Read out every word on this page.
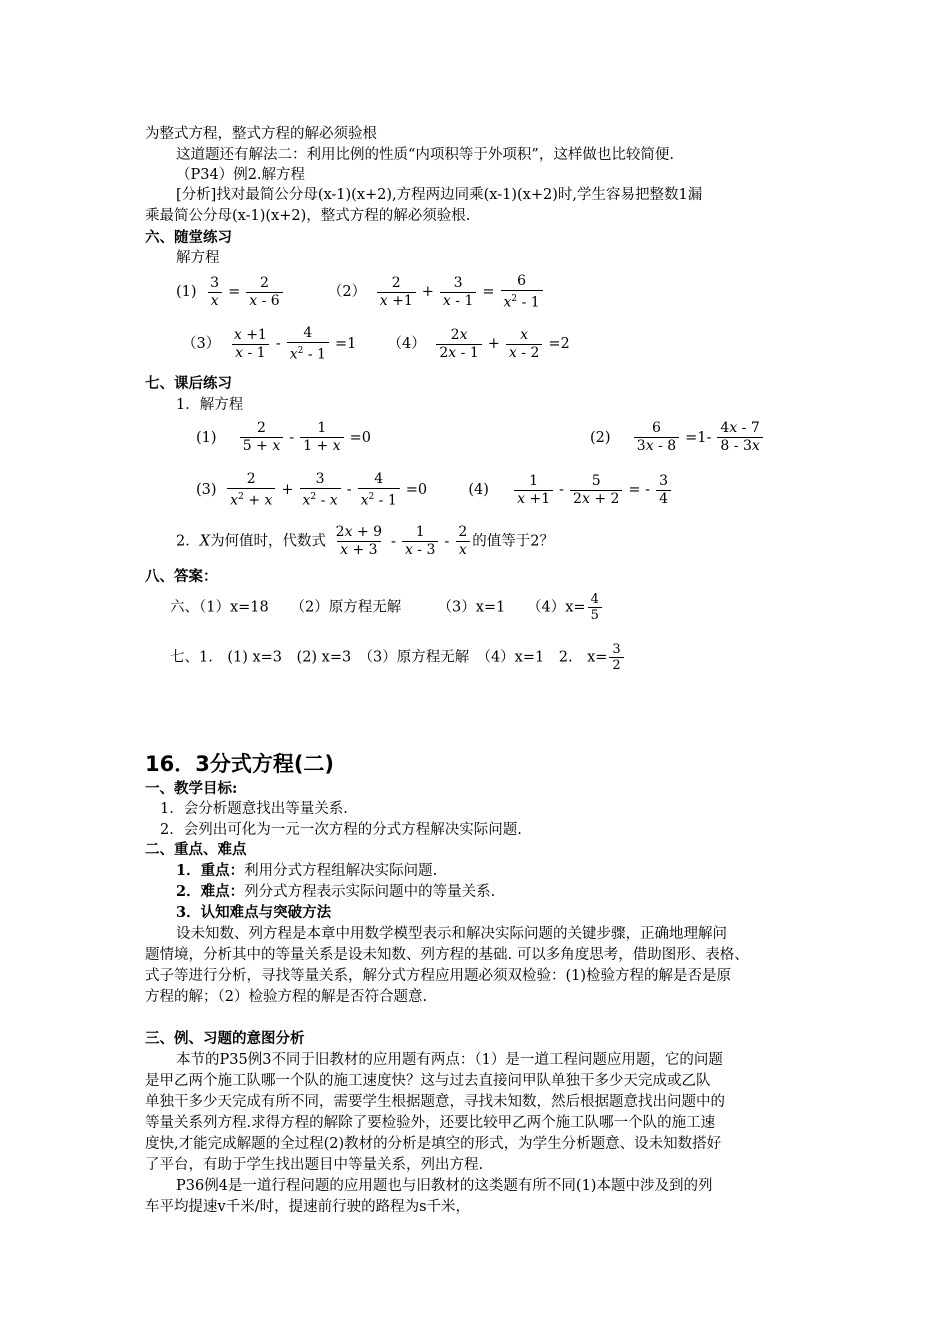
为整式方程，整式方程的解必须验根
这道题还有解法二：利用比例的性质“内项积等于外项积”，这样做也比较简便.
（P34）例2.解方程
[分析]找对最简公分母(x-1)(x+2),方程两边同乘(x-1)(x+2)时,学生容易把整数1漏
乘最简公分母(x-1)(x+2)，整式方程的解必须验根.
六、随堂练习
解方程
$(1) \frac{3}{x} = \frac{2}{x - 6}$	$(2) \frac{2}{x +1} + \frac{3}{x - 1} = \frac{6}{x^2 - 1}$
$(3) \frac{x +1}{x - 1} - \frac{4}{x^2 - 1} =1$ $(4) \frac{2x}{2x - 1} + \frac{x}{x - 2} =2$
七、课后练习
1．解方程
$(1) \frac{2}{5 + x} - \frac{1}{1 + x} =0$	$(2) \frac{6}{3x - 8} =1- \frac{4x - 7}{8 - 3x}$
$(3) \frac{2}{x^2 + x} + \frac{3}{x^2 - x} - \frac{4}{x^2 - 1} =0$	$(4) \frac{1}{x +1} - \frac{5}{2x + 2}$ = - $\frac{3}{4}$
2．X为何值时，代数式 $\frac{2x + 9}{x + 3} - \frac{1}{x - 3} - \frac{2}{x}$ 的值等于2？
八、答案：
六、（1）x=18　　（2）原方程无解　　　（3）x=1　　$(4)x= \frac{4}{5}$
七、1.　(1) x=3　(2) x=3　（3）原方程无解　（4）x=1　2.　$x= \frac{3}{2}$
16．3分式方程(二)
一、教学目标:
1．会分析题意找出等量关系.
2．会列出可化为一元一次方程的分式方程解决实际问题.
二、重点、难点
1．重点：利用分式方程组解决实际问题.
2．难点：列分式方程表示实际问题中的等量关系.
3．认知难点与突破方法
设未知数、列方程是本章中用数学模型表示和解决实际问题的关键步骤，正确地理解问
题情境，分析其中的等量关系是设未知数、列方程的基础. 可以多角度思考，借助图形、表格、
式子等进行分析，寻找等量关系，解分式方程应用题必须双检验：(1)检验方程的解是否是原
方程的解；（2）检验方程的解是否符合题意.
三、例、习题的意图分析
本节的P35例3不同于旧教材的应用题有两点：（1）是一道工程问题应用题，它的问题
是甲乙两个施工队哪一个队的施工速度快？这与过去直接问甲队单独干多少天完成或乙队
单独干多少天完成有所不同，需要学生根据题意，寻找未知数，然后根据题意找出问题中的
等量关系列方程.求得方程的解除了要检验外，还要比较甲乙两个施工队哪一个队的施工速
度快,才能完成解题的全过程(2)教材的分析是填空的形式，为学生分析题意、设未知数搭好
了平台，有助于学生找出题目中等量关系，列出方程.
P36例4是一道行程问题的应用题也与旧教材的这类题有所不同(1)本题中涉及到的列
车平均提速v千米/时，提速前行驶的路程为s千米，
